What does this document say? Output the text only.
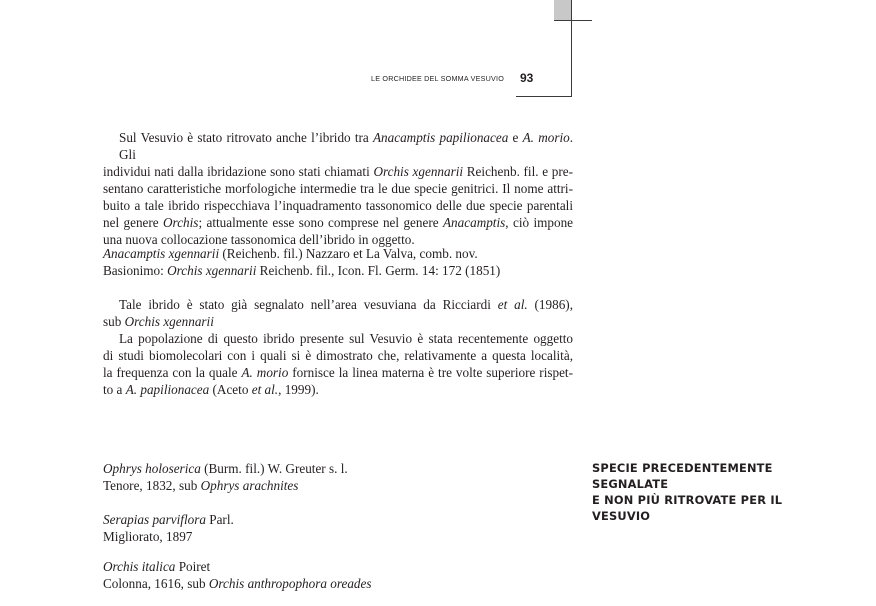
LE ORCHIDEE DEL SOMMA VESUVIO 93
Sul Vesuvio è stato ritrovato anche l’ibrido tra Anacamptis papilionacea e A. morio. Gli
individui nati dalla ibridazione sono stati chiamati Orchis xgennarii Reichenb. fil. e pre-
sentano caratteristiche morfologiche intermedie tra le due specie genitrici. Il nome attri-
buito a tale ibrido rispecchiava l’inquadramento tassonomico delle due specie parentali
nel genere Orchis; attualmente esse sono comprese nel genere Anacamptis, ciò impone
una nuova collocazione tassonomica dell’ibrido in oggetto.
Anacamptis xgennarii (Reichenb. fil.) Nazzaro et La Valva, comb. nov.
Basionimo: Orchis xgennarii Reichenb. fil., Icon. Fl. Germ. 14: 172 (1851)
Tale ibrido è stato già segnalato nell’area vesuviana da Ricciardi et al. (1986),
sub Orchis xgennarii
La popolazione di questo ibrido presente sul Vesuvio è stata recentemente oggetto
di studi biomolecolari con i quali si è dimostrato che, relativamente a questa località,
la frequenza con la quale A. morio fornisce la linea materna è tre volte superiore rispet-
to a A. papilionacea (Aceto et al., 1999).
SPECIE PRECEDENTEMENTE SEGNALATE
E NON PIÙ RITROVATE PER IL VESUVIO
Ophrys holoserica (Burm. fil.) W. Greuter s. l.
Tenore, 1832, sub Ophrys arachnites
Serapias parviflora Parl.
Migliorato, 1897
Orchis italica Poiret
Colonna, 1616, sub Orchis anthropophora oreades
